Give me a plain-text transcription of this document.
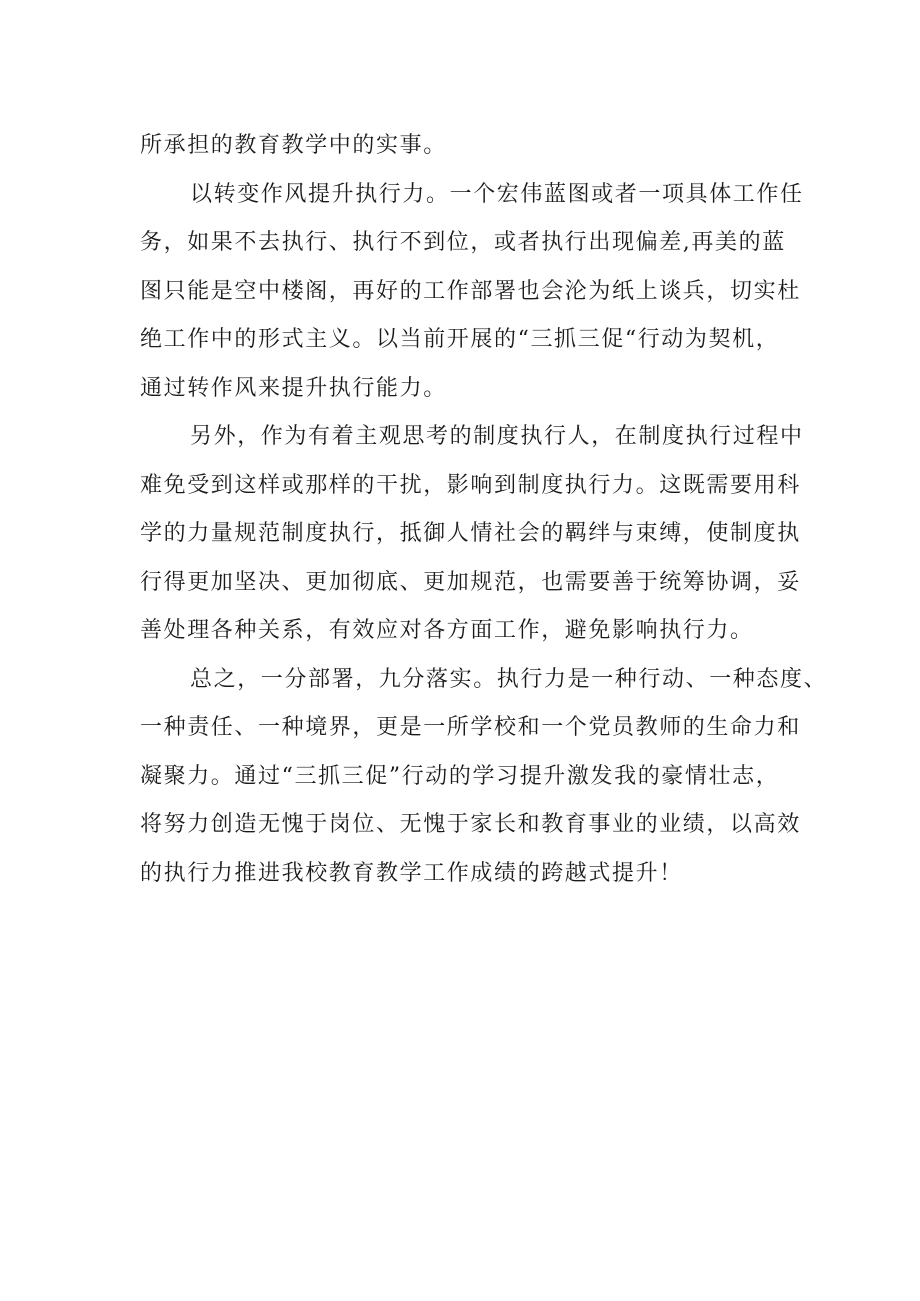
所承担的教育教学中的实事。
以转变作风提升执行力。一个宏伟蓝图或者一项具体工作任
务，如果不去执行、执行不到位，或者执行出现偏差,再美的蓝
图只能是空中楼阁，再好的工作部署也会沦为纸上谈兵，切实杜
绝工作中的形式主义。以当前开展的“三抓三促“行动为契机，
通过转作风来提升执行能力。
另外，作为有着主观思考的制度执行人，在制度执行过程中
难免受到这样或那样的干扰，影响到制度执行力。这既需要用科
学的力量规范制度执行，抵御人情社会的羁绊与束缚，使制度执
行得更加坚决、更加彻底、更加规范，也需要善于统筹协调，妥
善处理各种关系，有效应对各方面工作，避免影响执行力。
总之，一分部署，九分落实。执行力是一种行动、一种态度、
一种责任、一种境界，更是一所学校和一个党员教师的生命力和
凝聚力。通过“三抓三促”行动的学习提升激发我的豪情壮志，
将努力创造无愧于岗位、无愧于家长和教育事业的业绩，以高效
的执行力推进我校教育教学工作成绩的跨越式提升！
